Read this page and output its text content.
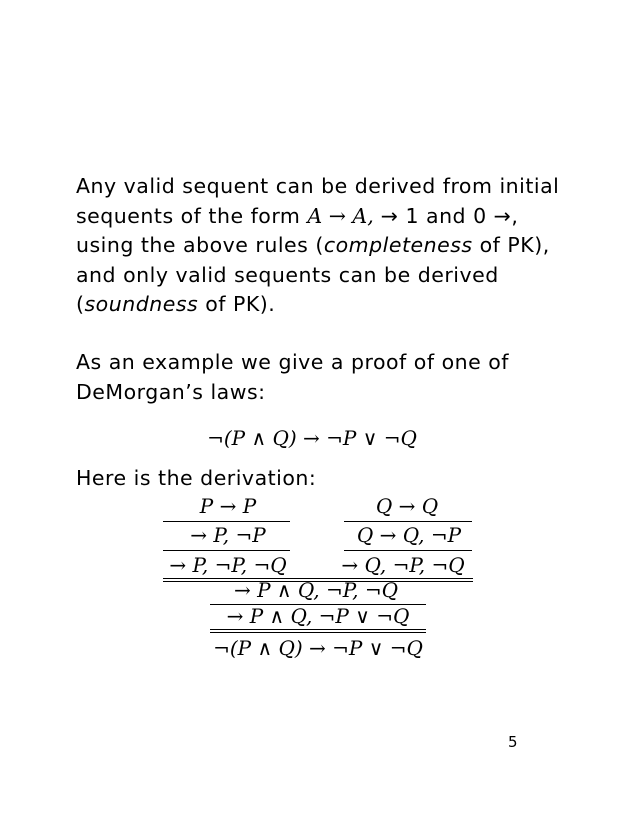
Any valid sequent can be derived from initial sequents of the form A → A, → 1 and 0 →, using the above rules (completeness of PK), and only valid sequents can be derived (soundness of PK).
As an example we give a proof of one of DeMorgan’s laws:
¬(P ∧ Q) → ¬P ∨ ¬Q
Here is the derivation:
P → P	Q → Q
→ P, ¬P	Q → Q, ¬P
→ P, ¬P, ¬Q	→ Q, ¬P, ¬Q
→ P ∧ Q, ¬P, ¬Q
→ P ∧ Q, ¬P ∨ ¬Q
¬(P ∧ Q) → ¬P ∨ ¬Q
5
